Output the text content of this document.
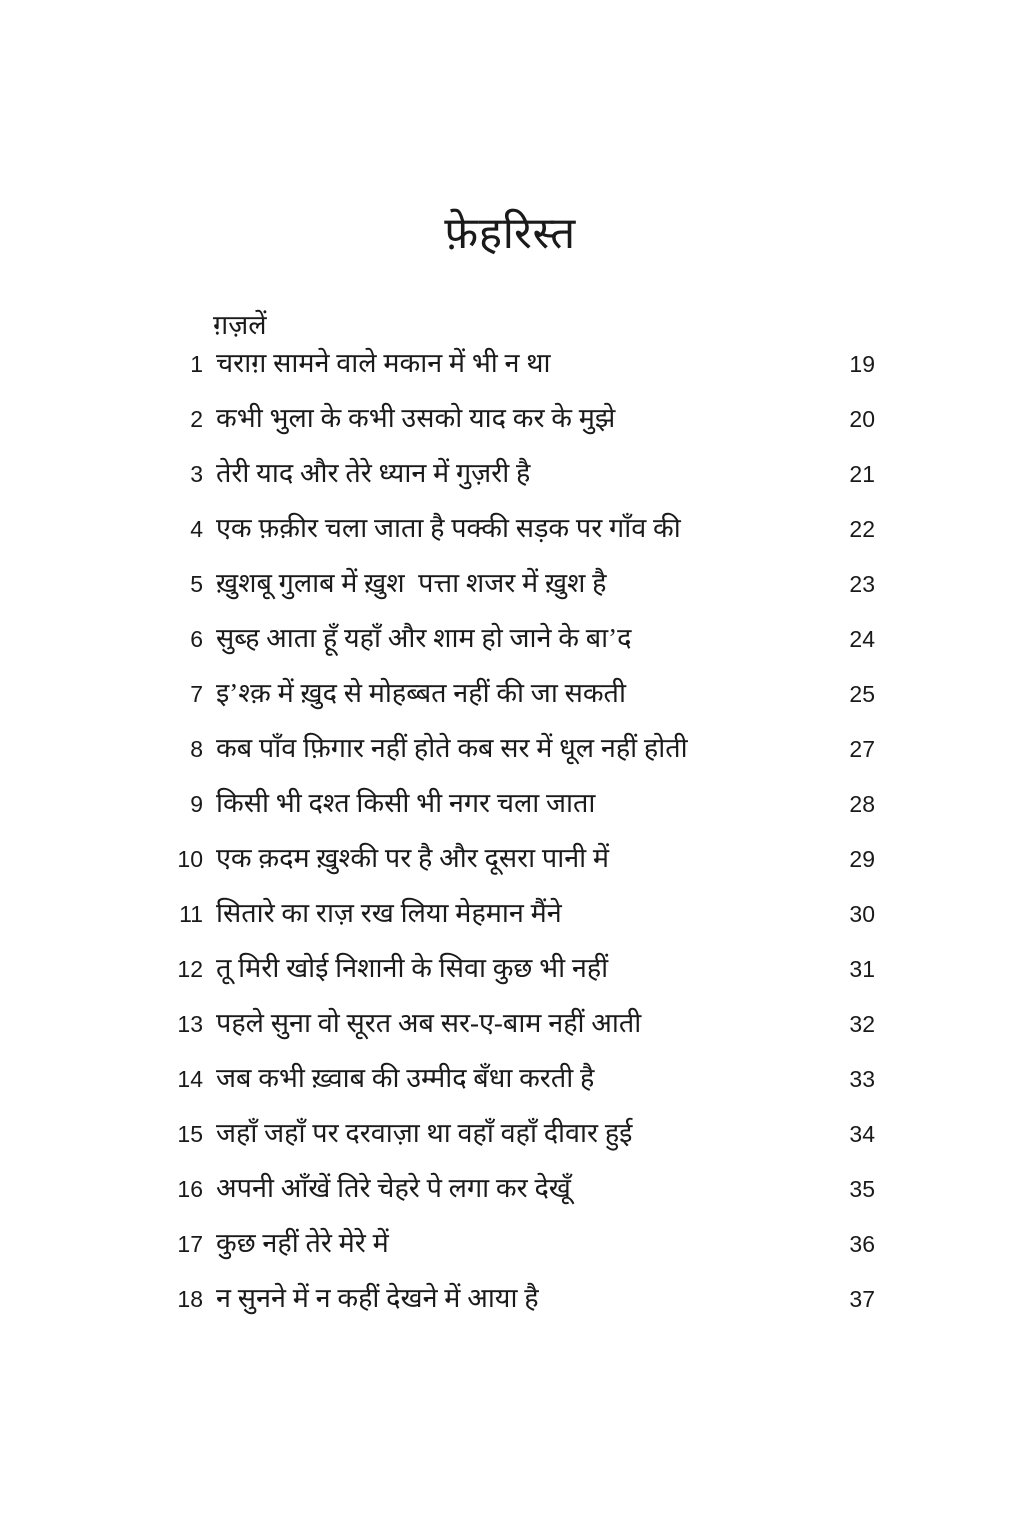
फ़ेहरिस्त
ग़ज़लें
1 चराग़ सामने वाले मकान में भी न था	19
2 कभी भुला के कभी उसको याद कर के मुझे	20
3 तेरी याद और तेरे ध्यान में गुज़री है	21
4 एक फ़क़ीर चला जाता है पक्की सड़क पर गाँव की	22
5 ख़ुशबू गुलाब में ख़ुश  पत्ता शजर में ख़ुश है	23
6 सुब्ह आता हूँ यहाँ और शाम हो जाने के बा’द	24
7 इ’श्क़ में ख़ुद से मोहब्बत नहीं की जा सकती	25
8 कब पाँव फ़िगार नहीं होते कब सर में धूल नहीं होती	27
9 किसी भी दश्त किसी भी नगर चला जाता	28
10 एक क़दम ख़ुश्की पर है और दूसरा पानी में	29
11 सितारे का राज़ रख लिया मेहमान मैंने	30
12 तू मिरी खोई निशानी के सिवा कुछ भी नहीं	31
13 पहले सुना वो सूरत अब सर-ए-बाम नहीं आती	32
14 जब कभी ख़्वाब की उम्मीद बँधा करती है	33
15 जहाँ जहाँ पर दरवाज़ा था वहाँ वहाँ दीवार हुई	34
16 अपनी आँखें तिरे चेहरे पे लगा कर देखूँ	35
17 कुछ नहीं तेरे मेरे में	36
18 न सुनने में न कहीं देखने में आया है	37
